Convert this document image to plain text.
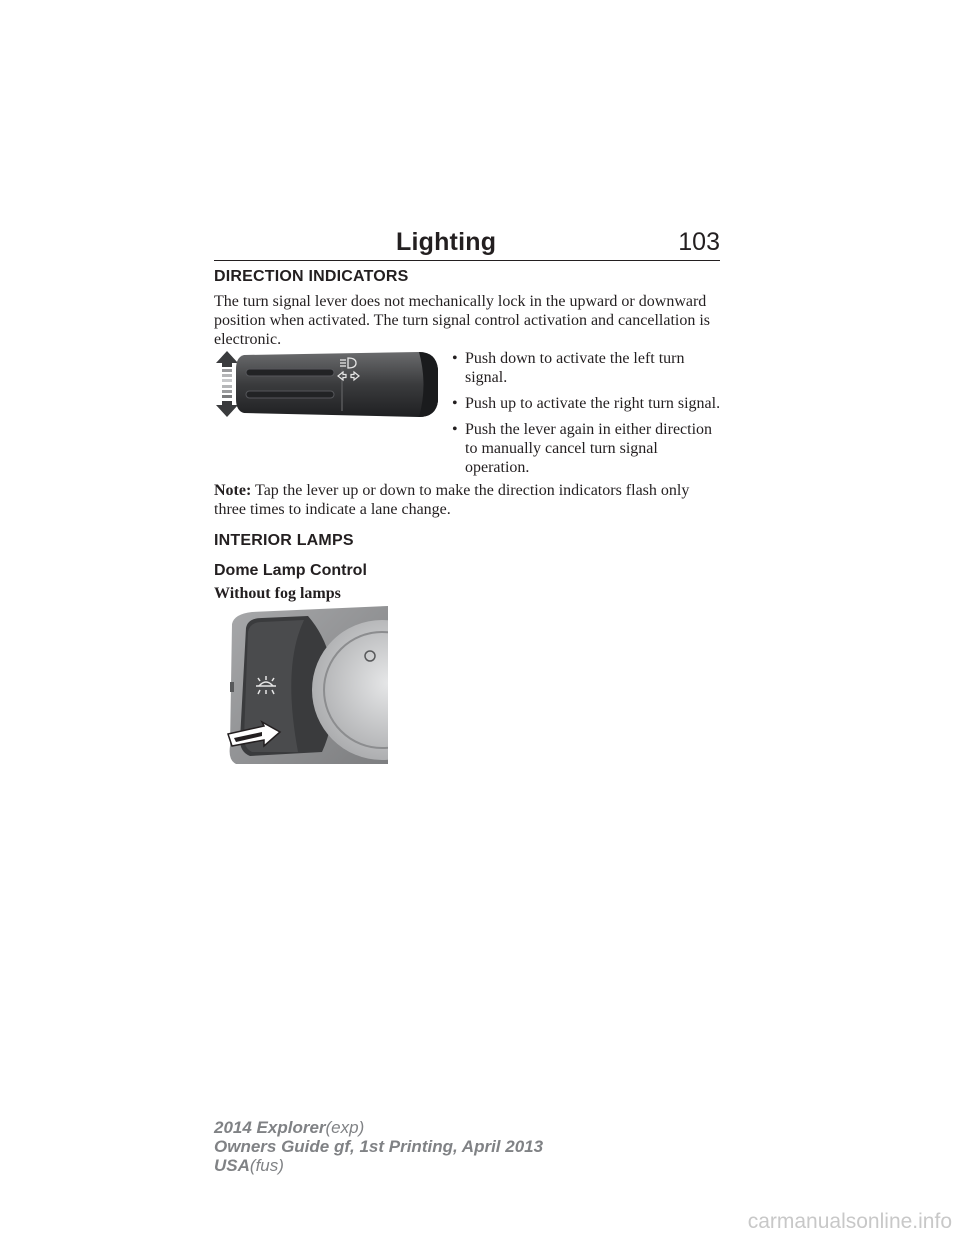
Lighting	103
DIRECTION INDICATORS

The turn signal lever does not mechanically lock in the upward or downward position when activated. The turn signal control activation and cancellation is electronic.

• Push down to activate the left turn signal.
• Push up to activate the right turn signal.
• Push the lever again in either direction to manually cancel turn signal operation.

Note: Tap the lever up or down to make the direction indicators flash only three times to indicate a lane change.

INTERIOR LAMPS
Dome Lamp Control
Without fog lamps
2014 Explorer(exp)
Owners Guide gf, 1st Printing, April 2013
USA(fus)
carmanualsonline.info
